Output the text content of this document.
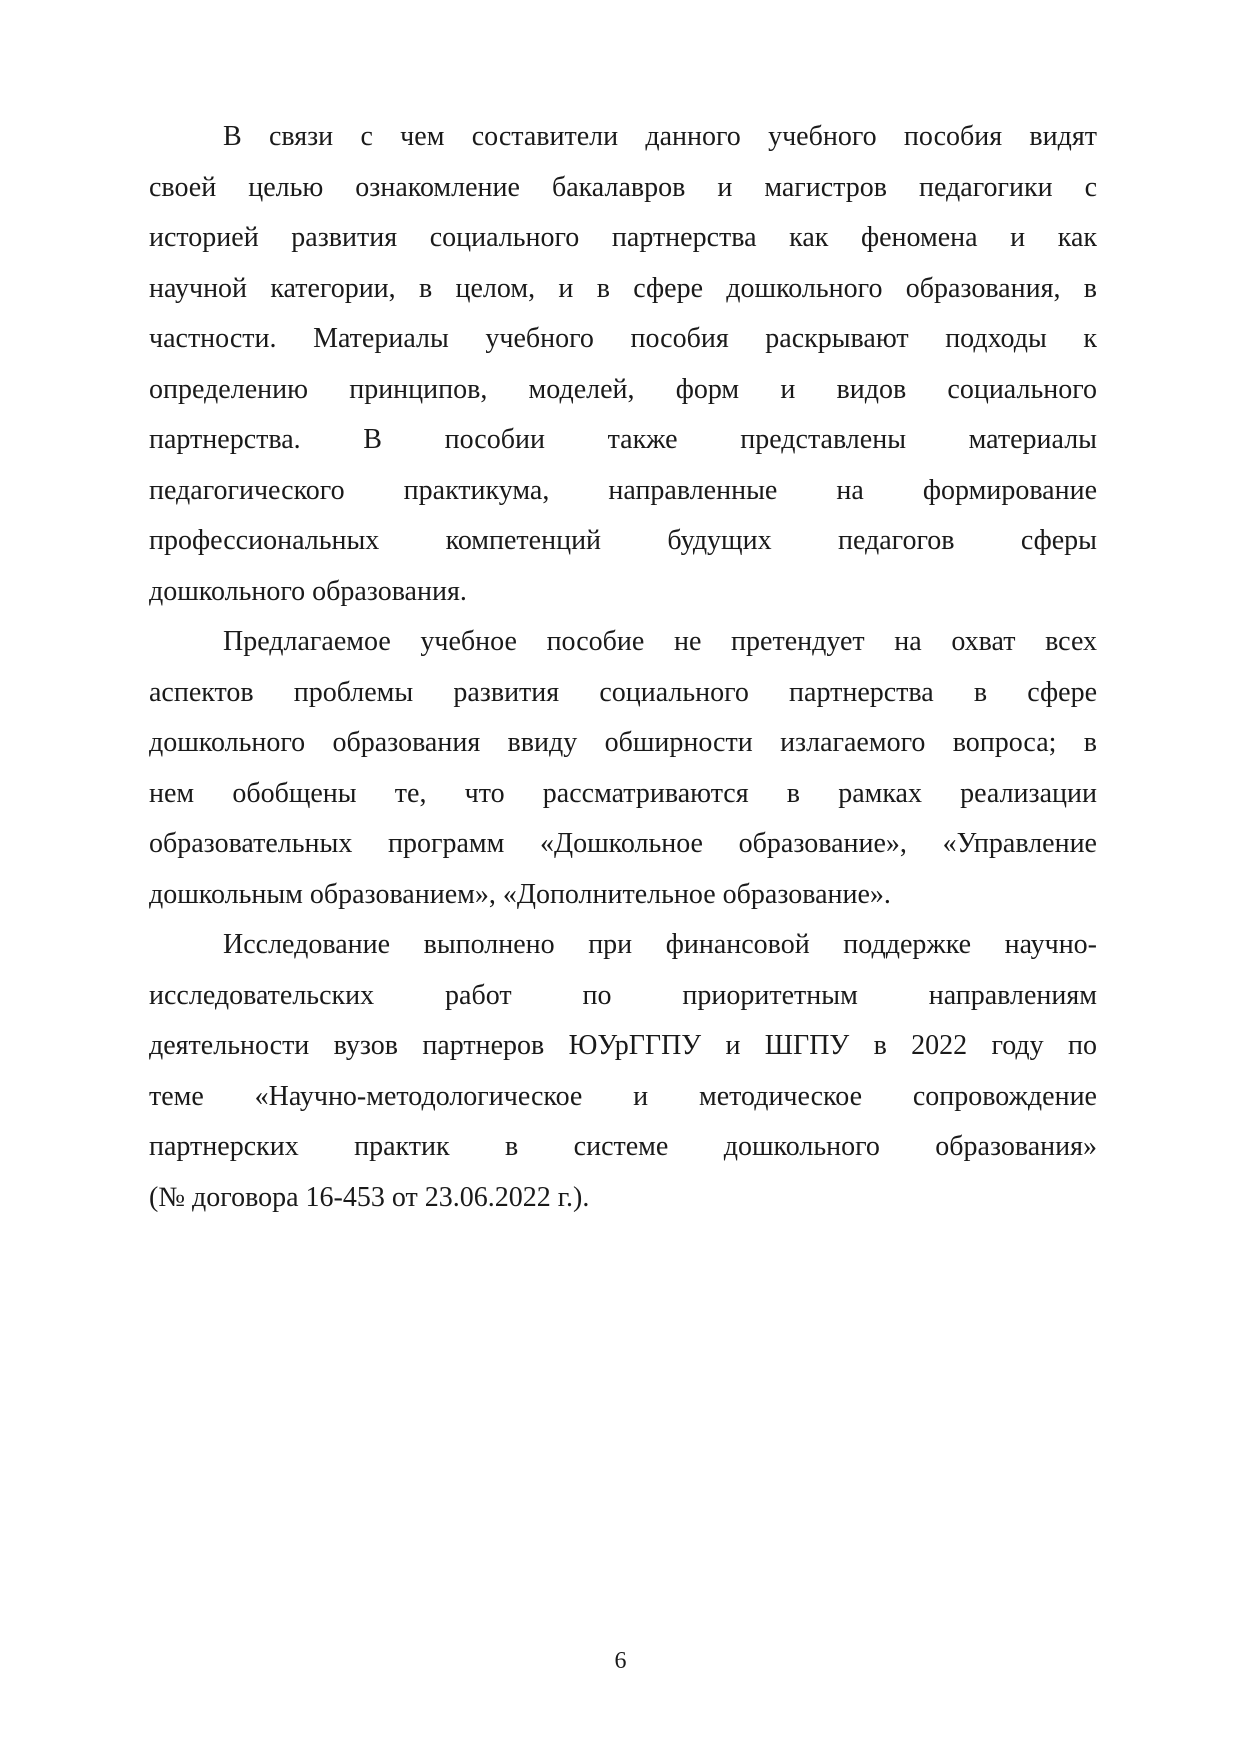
В связи с чем составители данного учебного пособия видят
своей целью ознакомление бакалавров и магистров педагогики с
историей развития социального партнерства как феномена и как
научной категории, в целом, и в сфере дошкольного образования, в
частности. Материалы учебного пособия раскрывают подходы к
определению принципов, моделей, форм и видов социального
партнерства. В пособии также представлены материалы
педагогического практикума, направленные на формирование
профессиональных компетенций будущих педагогов сферы
дошкольного образования.
Предлагаемое учебное пособие не претендует на охват всех
аспектов проблемы развития социального партнерства в сфере
дошкольного образования ввиду обширности излагаемого вопроса; в
нем обобщены те, что рассматриваются в рамках реализации
образовательных программ «Дошкольное образование», «Управление
дошкольным образованием», «Дополнительное образование».
Исследование выполнено при финансовой поддержке научно-
исследовательских работ по приоритетным направлениям
деятельности вузов партнеров ЮУрГГПУ и ШГПУ в 2022 году по
теме «Научно-методологическое и методическое сопровождение
партнерских практик в системе дошкольного образования»
(№ договора 16-453 от 23.06.2022 г.).
6
